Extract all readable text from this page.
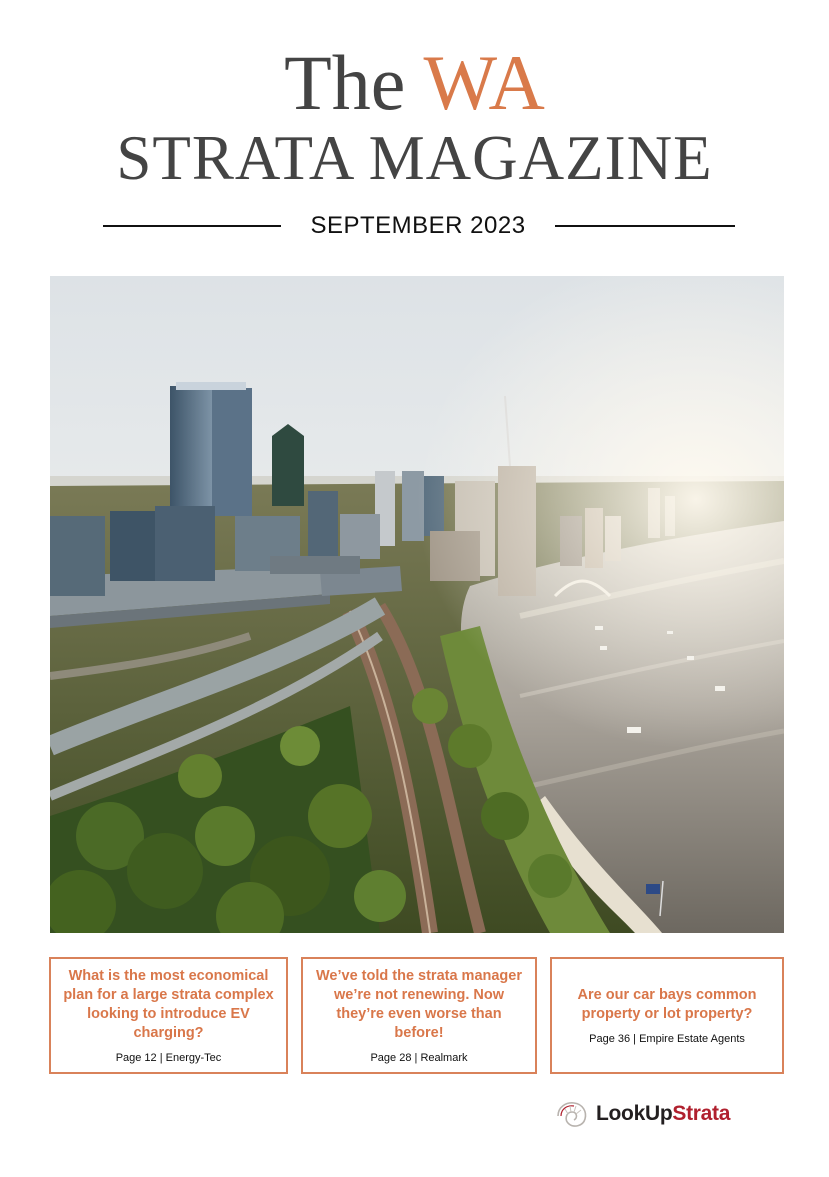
The WA
STRATA MAGAZINE
SEPTEMBER 2023
What is the most economical plan for a large strata complex looking to introduce EV charging?
Page 12 | Energy-Tec
We’ve told the strata manager we’re not renewing. Now they’re even worse than before!
Page 28 | Realmark
Are our car bays common property or lot property?
Page 36 | Empire Estate Agents
LookUpStrata
